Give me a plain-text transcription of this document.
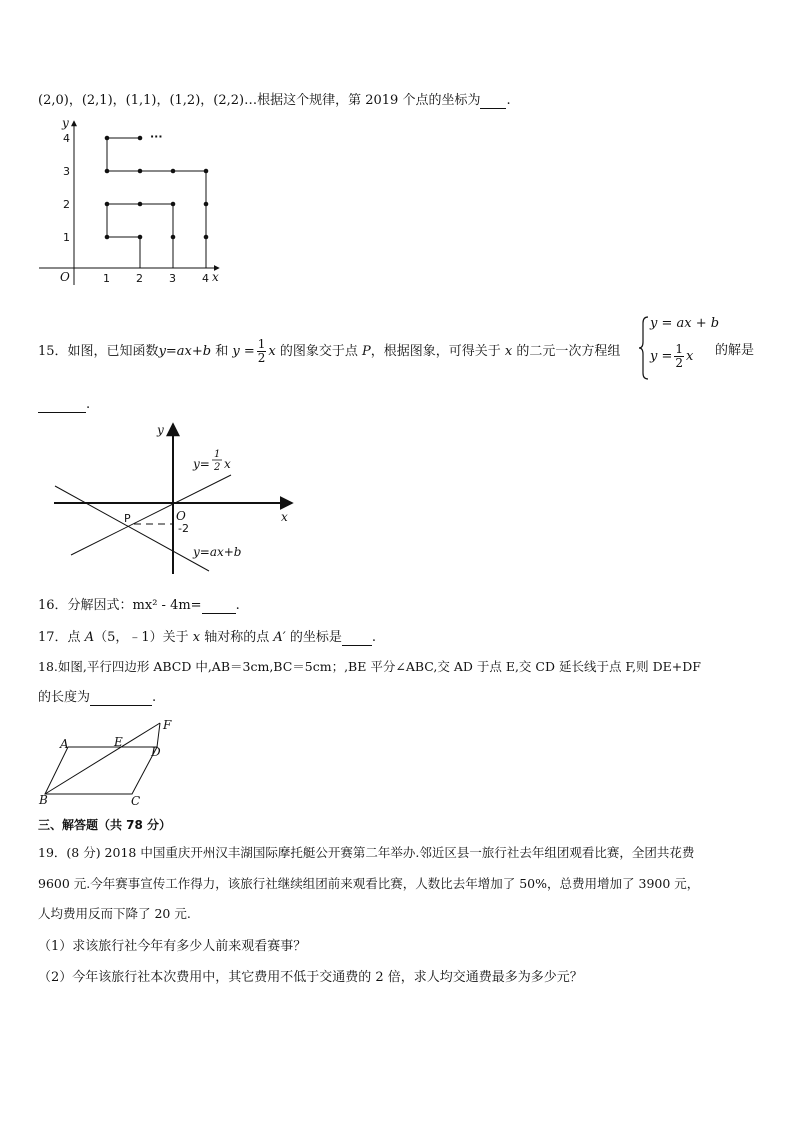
(2,0)，(2,1)，(1,1)，(1,2)，(2,2)…根据这个规律，第 2019 个点的坐标为 .
y
x
O	1 2 3 4
1
2
3
4	···
15．如图，已知函数y=ax+b 和 $y = \frac{1}{2}$ x 的图象交于点 P，根据图象，可得关于 x 的二元一次方程组
y = ax + b
$y = \frac{1}{2}$ x 的解是
.
y
x
O
P
-2
y=
1
2 x
y=ax+b
16．分解因式：mx² - 4m=	.
17．点 A（5，﹣1）关于 x 轴对称的点 A′ 的坐标是 .
18.如图,平行四边形 ABCD 中,AB＝3cm,BC＝5cm；,BE 平分∠ABC,交 AD 于点 E,交 CD 延长线于点 F,则 DE+DF
的长度为	.
A	E
D
F
B	C
三、解答题（共 78 分）
19．(8 分) 2018 中国重庆开州汉丰湖国际摩托艇公开赛第二年举办.邻近区县一旅行社去年组团观看比赛，全团共花费
9600 元.今年赛事宣传工作得力，该旅行社继续组团前来观看比赛，人数比去年增加了 50%，总费用增加了 3900 元，
人均费用反而下降了 20 元.
（1）求该旅行社今年有多少人前来观看赛事？
（2）今年该旅行社本次费用中，其它费用不低于交通费的 2 倍，求人均交通费最多为多少元？
